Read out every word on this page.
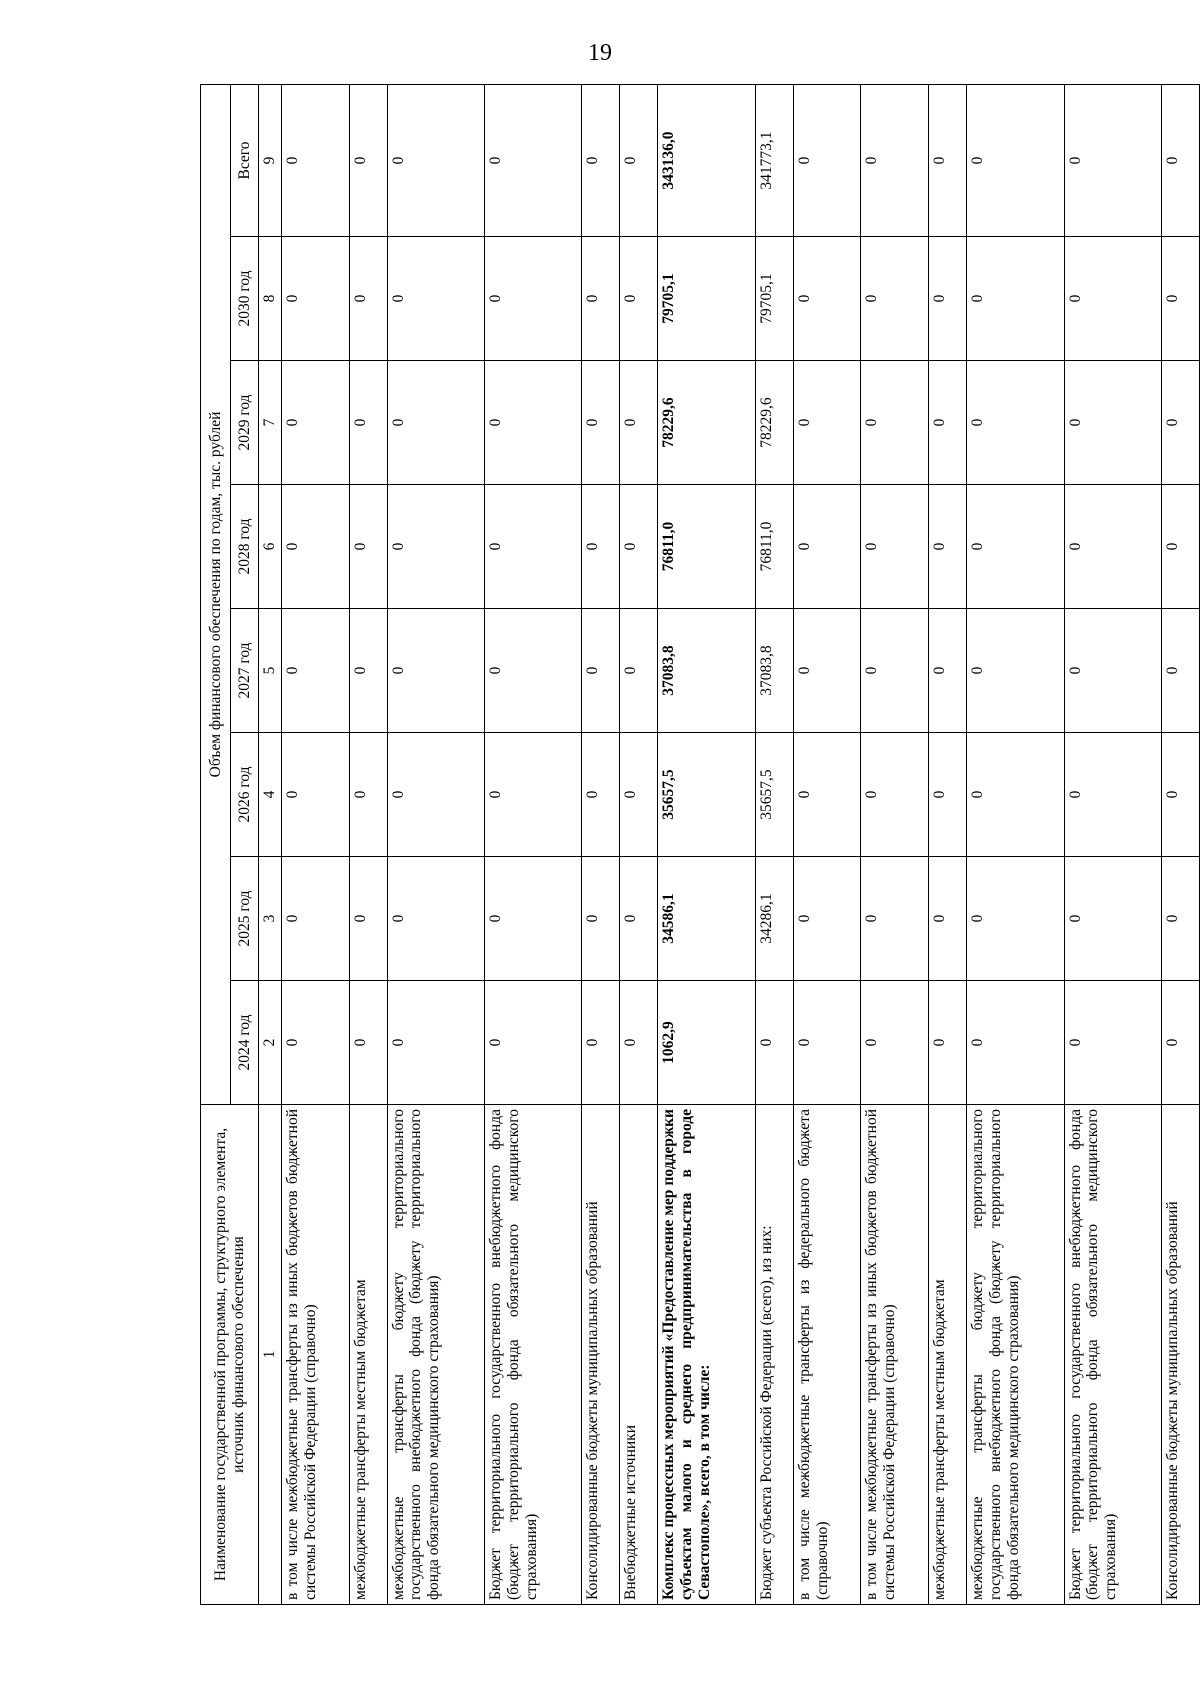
19
Наименование государственной программы, структурного элемента, источник финансового обеспечения	Объем финансового обеспечения по годам, тыс. рублей							
	2024 год	2025 год	2026 год	2027 год	2028 год	2029 год	2030 год	Всего
1	2	3	4	5	6	7	8	9
в том числе межбюджетные трансферты из иных бюджетов бюджетной системы Российской Федерации (справочно)	0	0	0	0	0	0	0	0
межбюджетные трансферты местным бюджетам	0	0	0	0	0	0	0	0
межбюджетные трансферты бюджету территориального государственного внебюджетного фонда (бюджету территориального фонда обязательного медицинского страхования)	0	0	0	0	0	0	0	0
Бюджет территориального государственного внебюджетного фонда (бюджет территориального фонда обязательного медицинского страхования)	0	0	0	0	0	0	0	0
Консолидированные бюджеты муниципальных образований	0	0	0	0	0	0	0	0
Внебюджетные источники	0	0	0	0	0	0	0	0
Комплекс процессных мероприятий «Предоставление мер поддержки субъектам малого и среднего предпринимательства в городе Севастополе», всего, в том числе:	1062,9	34586,1	35657,5	37083,8	76811,0	78229,6	79705,1	343136,0
Бюджет субъекта Российской Федерации (всего), из них:	0	34286,1	35657,5	37083,8	76811,0	78229,6	79705,1	341773,1
в том числе межбюджетные трансферты из федерального бюджета (справочно)	0	0	0	0	0	0	0	0
в том числе межбюджетные трансферты из иных бюджетов бюджетной системы Российской Федерации (справочно)	0	0	0	0	0	0	0	0
межбюджетные трансферты местным бюджетам	0	0	0	0	0	0	0	0
межбюджетные трансферты бюджету территориального государственного внебюджетного фонда (бюджету территориального фонда обязательного медицинского страхования)	0	0	0	0	0	0	0	0
Бюджет территориального государственного внебюджетного фонда (бюджет территориального фонда обязательного медицинского страхования)	0	0	0	0	0	0	0	0
Консолидированные бюджеты муниципальных образований	0	0	0	0	0	0	0	0
